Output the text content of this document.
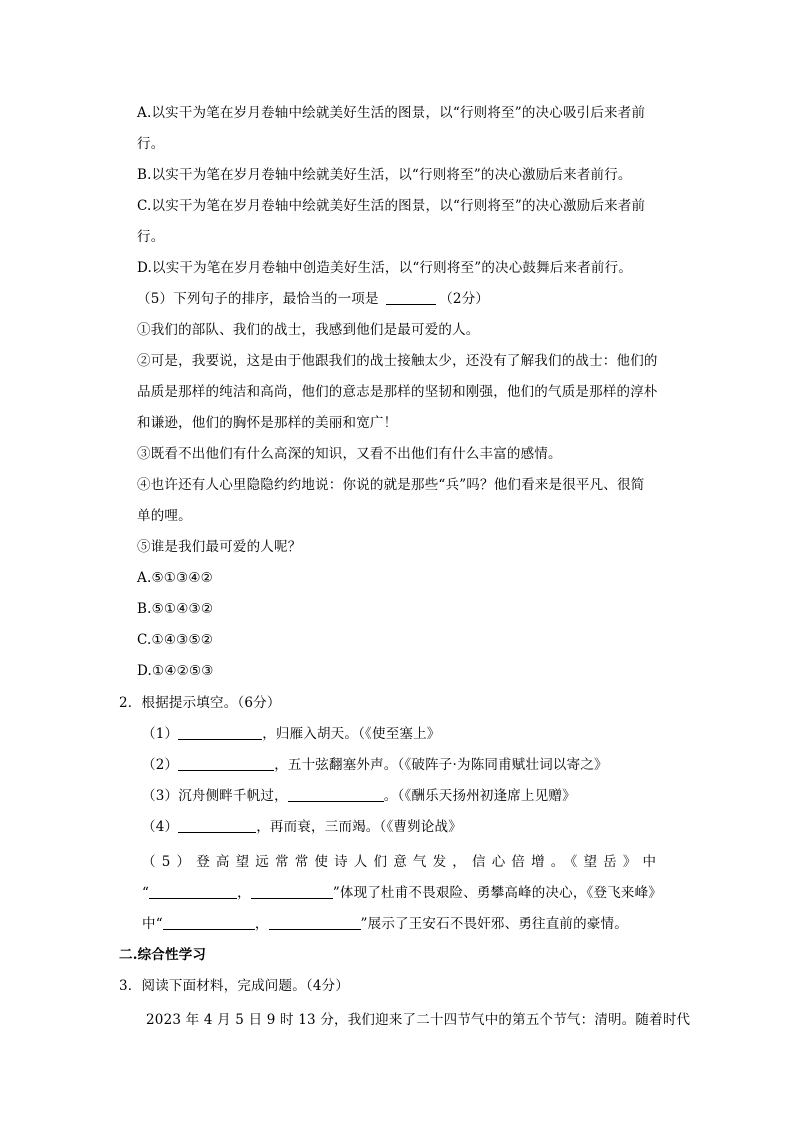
A.以实干为笔在岁月卷轴中绘就美好生活的图景，以“行则将至”的决心吸引后来者前
行。
B.以实干为笔在岁月卷轴中绘就美好生活，以“行则将至”的决心激励后来者前行。
C.以实干为笔在岁月卷轴中绘就美好生活的图景，以“行则将至”的决心激励后来者前
行。
D.以实干为笔在岁月卷轴中创造美好生活，以“行则将至”的决心鼓舞后来者前行。
（5）下列句子的排序，最恰当的一项是	（2分）
①我们的部队、我们的战士，我感到他们是最可爱的人。
②可是，我要说，这是由于他跟我们的战士接触太少，还没有了解我们的战士：他们的
品质是那样的纯洁和高尚，他们的意志是那样的坚韧和刚强，他们的气质是那样的淳朴
和谦逊，他们的胸怀是那样的美丽和宽广！
③既看不出他们有什么高深的知识，又看不出他们有什么丰富的感情。
④也许还有人心里隐隐约约地说：你说的就是那些“兵”吗？他们看来是很平凡、很简
单的哩。
⑤谁是我们最可爱的人呢？
A.⑤①③④②
B.⑤①④③②
C.①④③⑤②
D.①④②⑤③
2．根据提示填空。（6分）
（1）	，归雁入胡天。（《使至塞上》
（2）	，五十弦翻塞外声。（《破阵子·为陈同甫赋壮词以寄之》
（3）沉舟侧畔千帆过，	。（《酬乐天扬州初逢席上见赠》
（4）	，再而衰，三而竭。（《曹刿论战》
（5）登高望远常常使诗人们意气发，信心倍增。《望岳》中
“	，	”体现了杜甫不畏艰险、勇攀高峰的决心，《登飞来峰》
中“	，	”展示了王安石不畏奸邪、勇往直前的豪情。
二.综合性学习
3．阅读下面材料，完成问题。（4分）
2023 年 4 月 5 日 9 时 13 分，我们迎来了二十四节气中的第五个节气：清明。随着时代
